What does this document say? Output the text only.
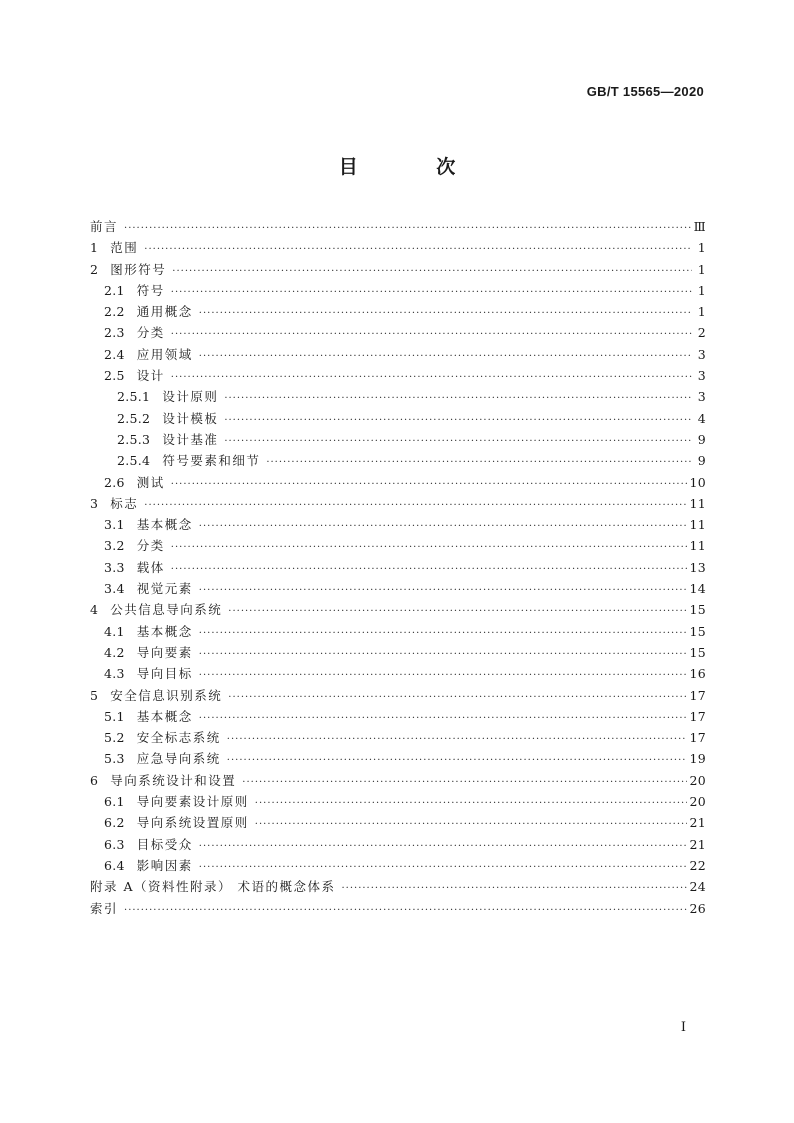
GB/T 15565—2020
目 次
前言 ·····	Ⅲ
1 范围 ·····	1
2 图形符号 ·····	1
2.1 符号 ·····	1
2.2 通用概念 ·····	1
2.3 分类 ·····	2
2.4 应用领域 ·····	3
2.5 设计 ·····	3
2.5.1 设计原则 ·····	3
2.5.2 设计模板 ·····	4
2.5.3 设计基准 ·····	9
2.5.4 符号要素和细节 ·····	9
2.6 测试 ·····	10
3 标志 ·····	11
3.1 基本概念 ·····	11
3.2 分类 ·····	11
3.3 载体 ·····	13
3.4 视觉元素 ·····	14
4 公共信息导向系统 ·····	15
4.1 基本概念 ·····	15
4.2 导向要素 ·····	15
4.3 导向目标 ·····	16
5 安全信息识别系统 ·····	17
5.1 基本概念 ·····	17
5.2 安全标志系统 ·····	17
5.3 应急导向系统 ·····	19
6 导向系统设计和设置 ·····	20
6.1 导向要素设计原则 ·····	20
6.2 导向系统设置原则 ·····	21
6.3 目标受众 ·····	21
6.4 影响因素 ·····	22
附录 A（资料性附录） 术语的概念体系 ·····	24
索引 ·····	26
I
